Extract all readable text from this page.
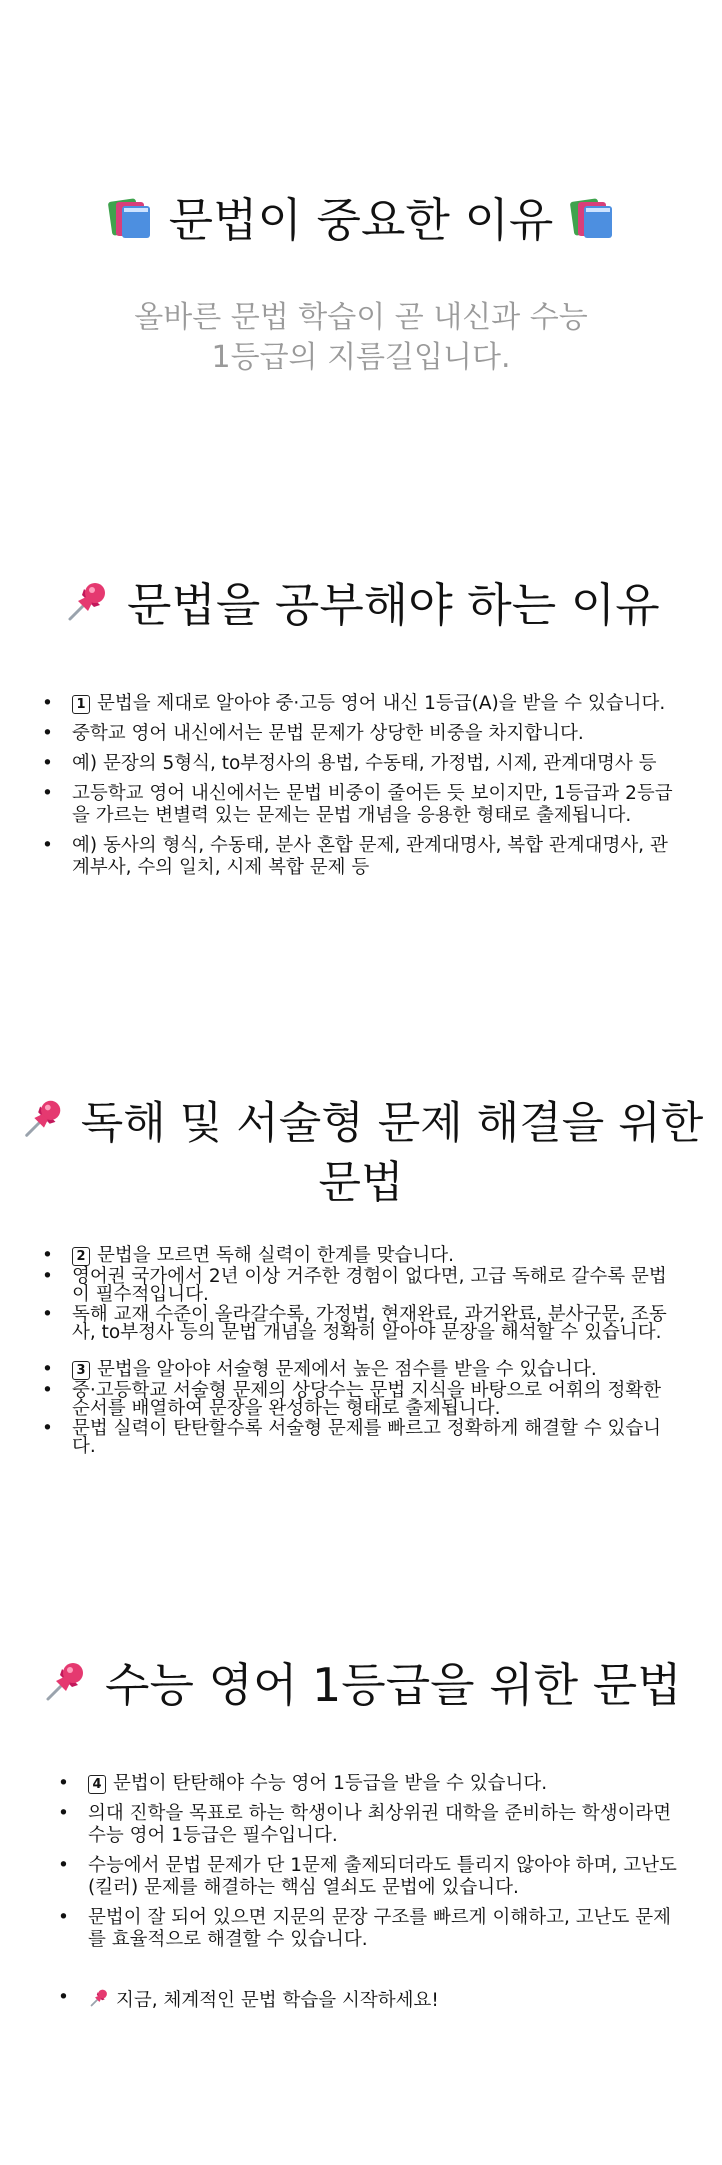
문법이 중요한 이유
올바른 문법 학습이 곧 내신과 수능
1등급의 지름길입니다.
문법을 공부해야 하는 이유
• 1 문법을 제대로 알아야 중·고등 영어 내신 1등급(A)을 받을 수 있습니다.
• 중학교 영어 내신에서는 문법 문제가 상당한 비중을 차지합니다.
• 예) 문장의 5형식, to부정사의 용법, 수동태, 가정법, 시제, 관계대명사 등
• 고등학교 영어 내신에서는 문법 비중이 줄어든 듯 보이지만, 1등급과 2등급을 가르는 변별력 있는 문제는 문법 개념을 응용한 형태로 출제됩니다.
• 예) 동사의 형식, 수동태, 분사 혼합 문제, 관계대명사, 복합 관계대명사, 관계부사, 수의 일치, 시제 복합 문제 등
독해 및 서술형 문제 해결을 위한
문법
• 2 문법을 모르면 독해 실력이 한계를 맞습니다.
• 영어권 국가에서 2년 이상 거주한 경험이 없다면, 고급 독해로 갈수록 문법이 필수적입니다.
• 독해 교재 수준이 올라갈수록, 가정법, 현재완료, 과거완료, 분사구문, 조동사, to부정사 등의 문법 개념을 정확히 알아야 문장을 해석할 수 있습니다.
• 3 문법을 알아야 서술형 문제에서 높은 점수를 받을 수 있습니다.
• 중·고등학교 서술형 문제의 상당수는 문법 지식을 바탕으로 어휘의 정확한 순서를 배열하여 문장을 완성하는 형태로 출제됩니다.
• 문법 실력이 탄탄할수록 서술형 문제를 빠르고 정확하게 해결할 수 있습니다.
수능 영어 1등급을 위한 문법
• 4 문법이 탄탄해야 수능 영어 1등급을 받을 수 있습니다.
• 의대 진학을 목표로 하는 학생이나 최상위권 대학을 준비하는 학생이라면 수능 영어 1등급은 필수입니다.
• 수능에서 문법 문제가 단 1문제 출제되더라도 틀리지 않아야 하며, 고난도(킬러) 문제를 해결하는 핵심 열쇠도 문법에 있습니다.
• 문법이 잘 되어 있으면 지문의 문장 구조를 빠르게 이해하고, 고난도 문제를 효율적으로 해결할 수 있습니다.
• 지금, 체계적인 문법 학습을 시작하세요!
